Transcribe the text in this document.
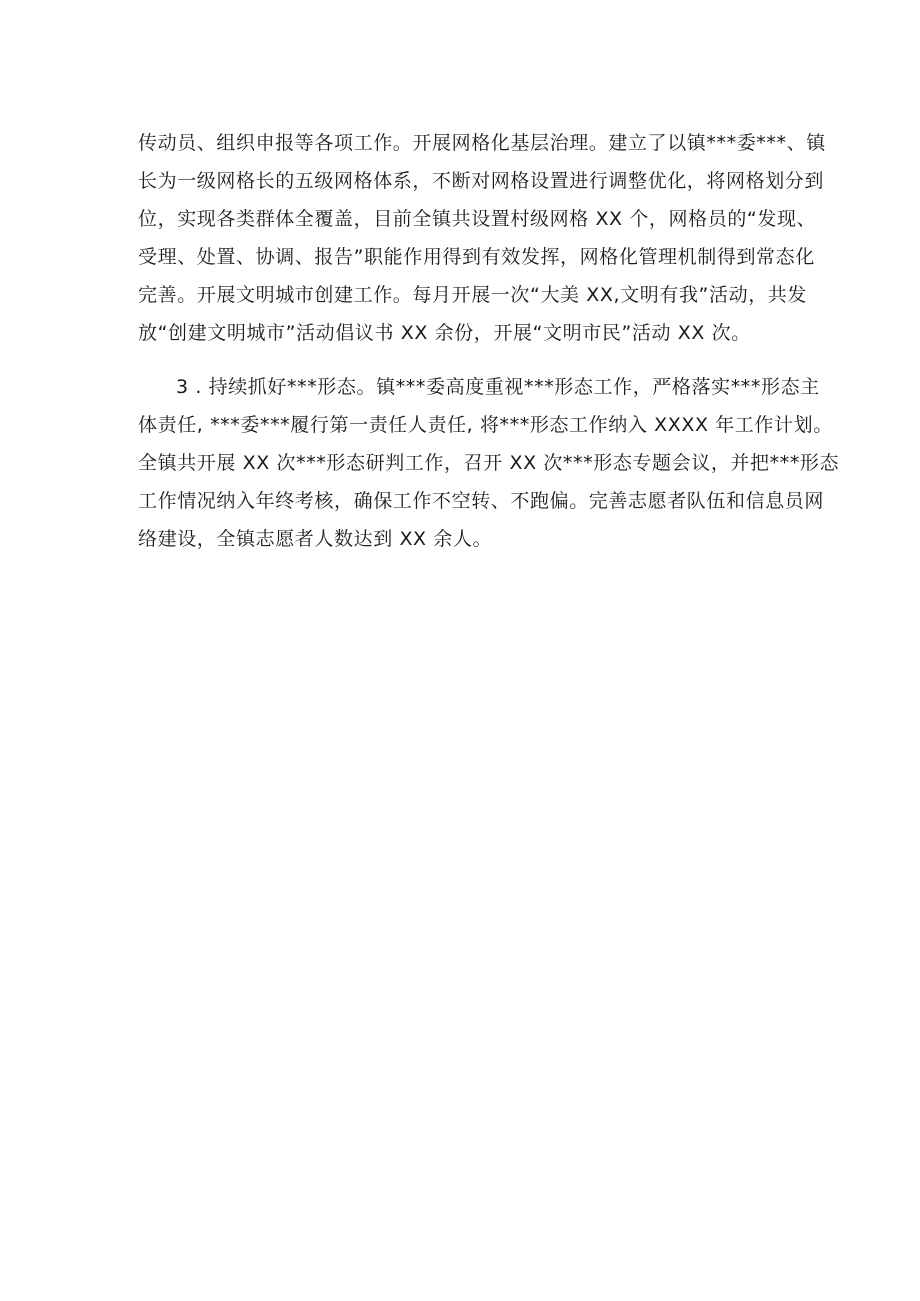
传动员、组织申报等各项工作。开展网格化基层治理。建立了以镇***委***、镇
长为一级网格长的五级网格体系，不断对网格设置进行调整优化，将网格划分到
位，实现各类群体全覆盖，目前全镇共设置村级网格 XX 个，网格员的“发现、
受理、处置、协调、报告”职能作用得到有效发挥，网格化管理机制得到常态化
完善。开展文明城市创建工作。每月开展一次“大美 XX,文明有我”活动，共发
放“创建文明城市”活动倡议书 XX 余份，开展“文明市民”活动 XX 次。
3 . 持续抓好***形态。镇***委高度重视***形态工作，严格落实***形态主
体责任, ***委***履行第一责任人责任, 将***形态工作纳入 XXXX 年工作计划。
全镇共开展 XX 次***形态研判工作，召开 XX 次***形态专题会议，并把***形态
工作情况纳入年终考核，确保工作不空转、不跑偏。完善志愿者队伍和信息员网
络建设，全镇志愿者人数达到 XX 余人。
